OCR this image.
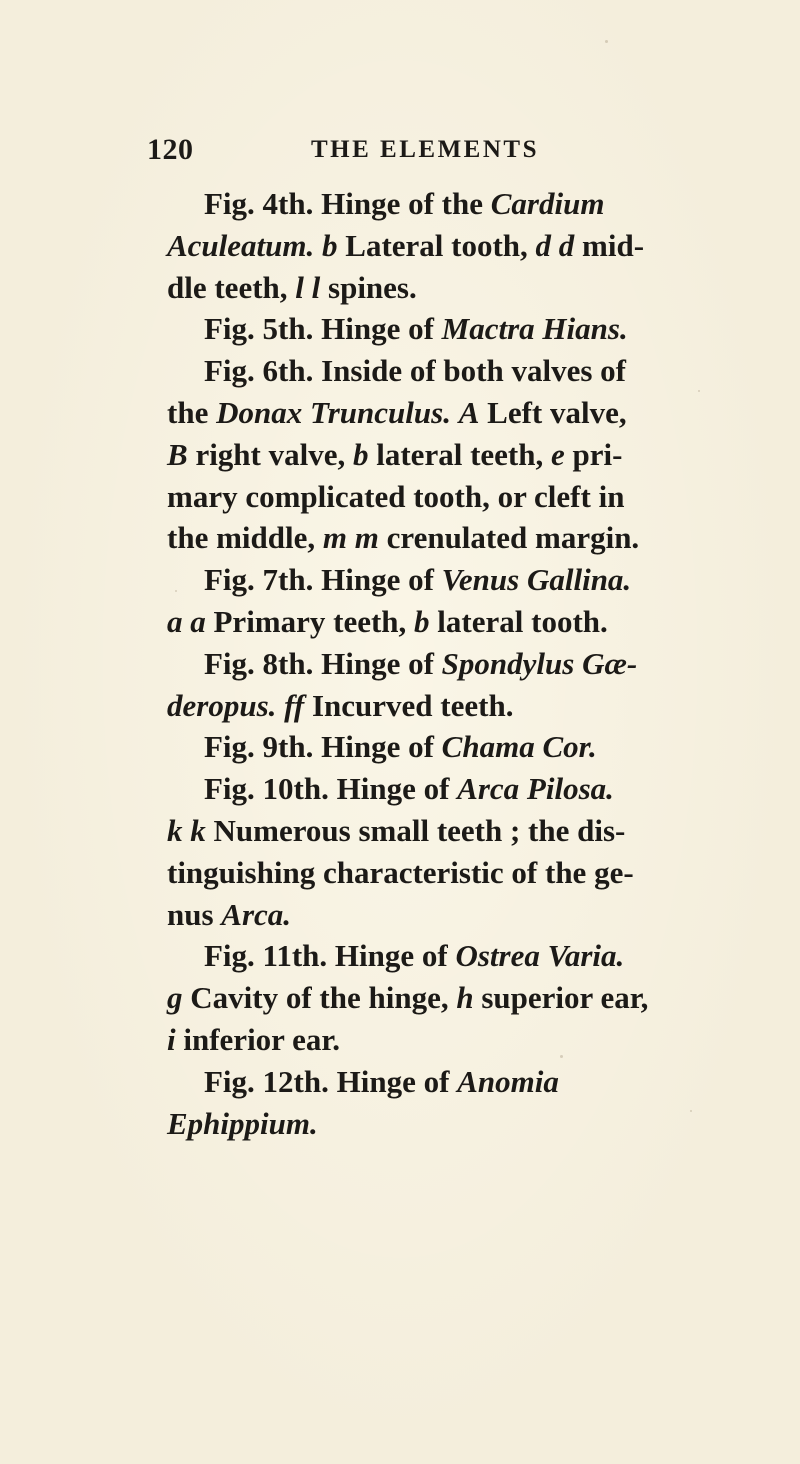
120	THE ELEMENTS
Fig. 4th. Hinge of the Cardium
Aculeatum. b Lateral tooth, d d mid-
dle teeth, l l spines.
Fig. 5th. Hinge of Mactra Hians.
Fig. 6th. Inside of both valves of
the Donax Trunculus. A Left valve,
B right valve, b lateral teeth, e pri-
mary complicated tooth, or cleft in
the middle, m m crenulated margin.
Fig. 7th. Hinge of Venus Gallina.
a a Primary teeth, b lateral tooth.
Fig. 8th. Hinge of Spondylus Gæ-
deropus. ff Incurved teeth.
Fig. 9th. Hinge of Chama Cor.
Fig. 10th. Hinge of Arca Pilosa.
k k Numerous small teeth ; the dis-
tinguishing characteristic of the ge-
nus Arca.
Fig. 11th. Hinge of Ostrea Varia.
g Cavity of the hinge, h superior ear,
i inferior ear.
Fig. 12th. Hinge of Anomia
Ephippium.
